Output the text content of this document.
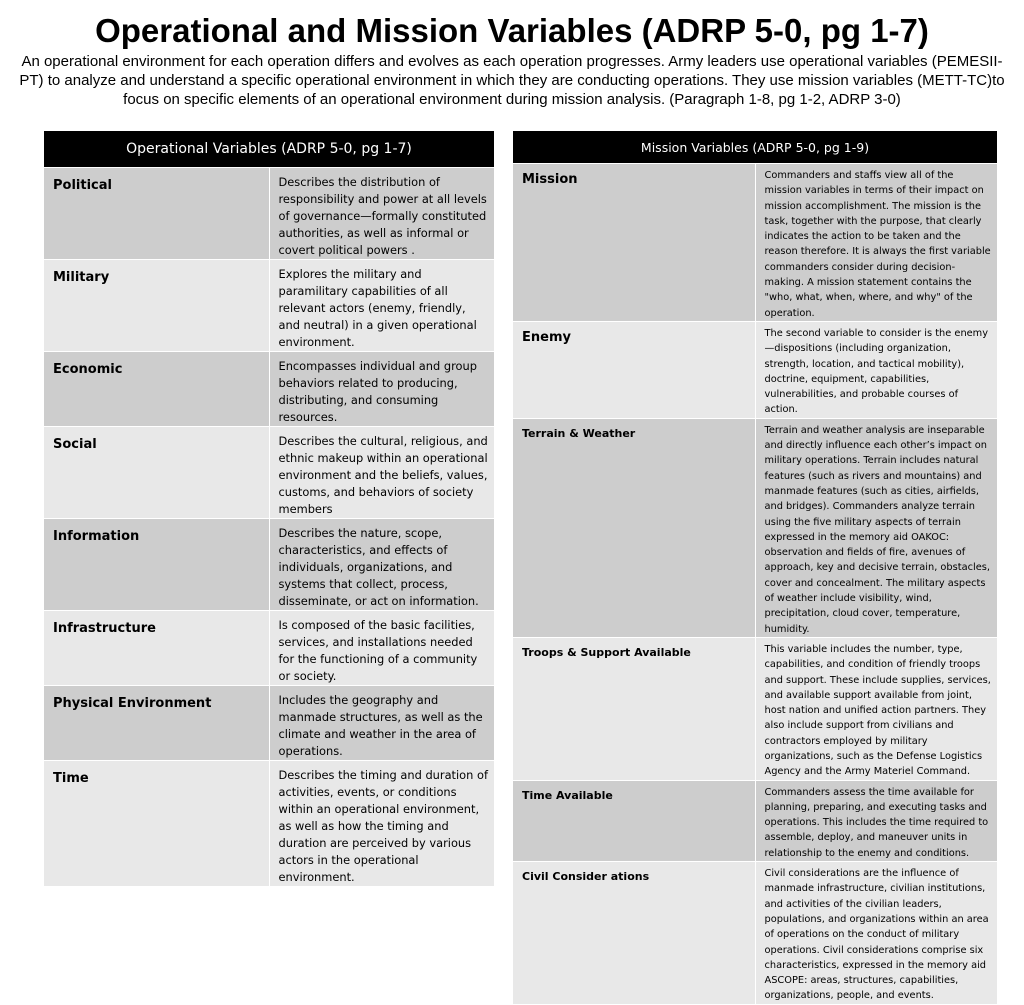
Operational and Mission Variables (ADRP 5-0, pg 1-7)
An operational environment for each operation differs and evolves as each operation progresses. Army leaders use operational variables (PEMESII-PT) to analyze and understand a specific operational environment in which they are conducting operations. They use mission variables (METT-TC)to focus on specific elements of an operational environment during mission analysis. (Paragraph 1-8, pg 1-2, ADRP 3-0)
Operational Variables (ADRP 5-0, pg 1-7)	
Political	Describes the distribution of responsibility and power at all levels of governance—formally constituted authorities, as well as informal or covert political powers .
Military	Explores the military and paramilitary capabilities of all relevant actors (enemy, friendly, and neutral) in a given operational environment.
Economic	Encompasses individual and group behaviors related to producing, distributing, and consuming resources.
Social	Describes the cultural, religious, and ethnic makeup within an operational environment and the beliefs, values, customs, and behaviors of society members
Information	Describes the nature, scope, characteristics, and effects of individuals, organizations, and systems that collect, process, disseminate, or act on information.
Infrastructure	Is composed of the basic facilities, services, and installations needed for the functioning of a community or society.
Physical Environment	Includes the geography and manmade structures, as well as the climate and weather in the area of operations.
Time	Describes the timing and duration of activities, events, or conditions within an operational environment, as well as how the timing and duration are perceived by various actors in the operational environment.
Mission Variables (ADRP 5-0, pg 1-9)	
Mission	Commanders and staffs view all of the mission variables in terms of their impact on mission accomplishment. The mission is the task, together with the purpose, that clearly indicates the action to be taken and the reason therefore. It is always the first variable commanders consider during decision-making. A mission statement contains the "who, what, when, where, and why" of the operation.
Enemy	The second variable to consider is the enemy—dispositions (including organization, strength, location, and tactical mobility), doctrine, equipment, capabilities, vulnerabilities, and probable courses of action.
Terrain & Weather	Terrain and weather analysis are inseparable and directly influence each other’s impact on military operations. Terrain includes natural features (such as rivers and mountains) and manmade features (such as cities, airfields, and bridges). Commanders analyze terrain using the five military aspects of terrain expressed in the memory aid OAKOC: observation and fields of fire, avenues of approach, key and decisive terrain, obstacles, cover and concealment. The military aspects of weather include visibility, wind, precipitation, cloud cover, temperature, humidity.
Troops & Support Available	This variable includes the number, type, capabilities, and condition of friendly troops and support. These include supplies, services, and available support available from joint, host nation and unified action partners. They also include support from civilians and contractors employed by military organizations, such as the Defense Logistics Agency and the Army Materiel Command.
Time Available	Commanders assess the time available for planning, preparing, and executing tasks and operations. This includes the time required to assemble, deploy, and maneuver units in relationship to the enemy and conditions.
Civil Consider ations	Civil considerations are the influence of manmade infrastructure, civilian institutions, and activities of the civilian leaders, populations, and organizations within an area of operations on the conduct of military operations. Civil considerations comprise six characteristics, expressed in the memory aid ASCOPE: areas, structures, capabilities, organizations, people, and events.
